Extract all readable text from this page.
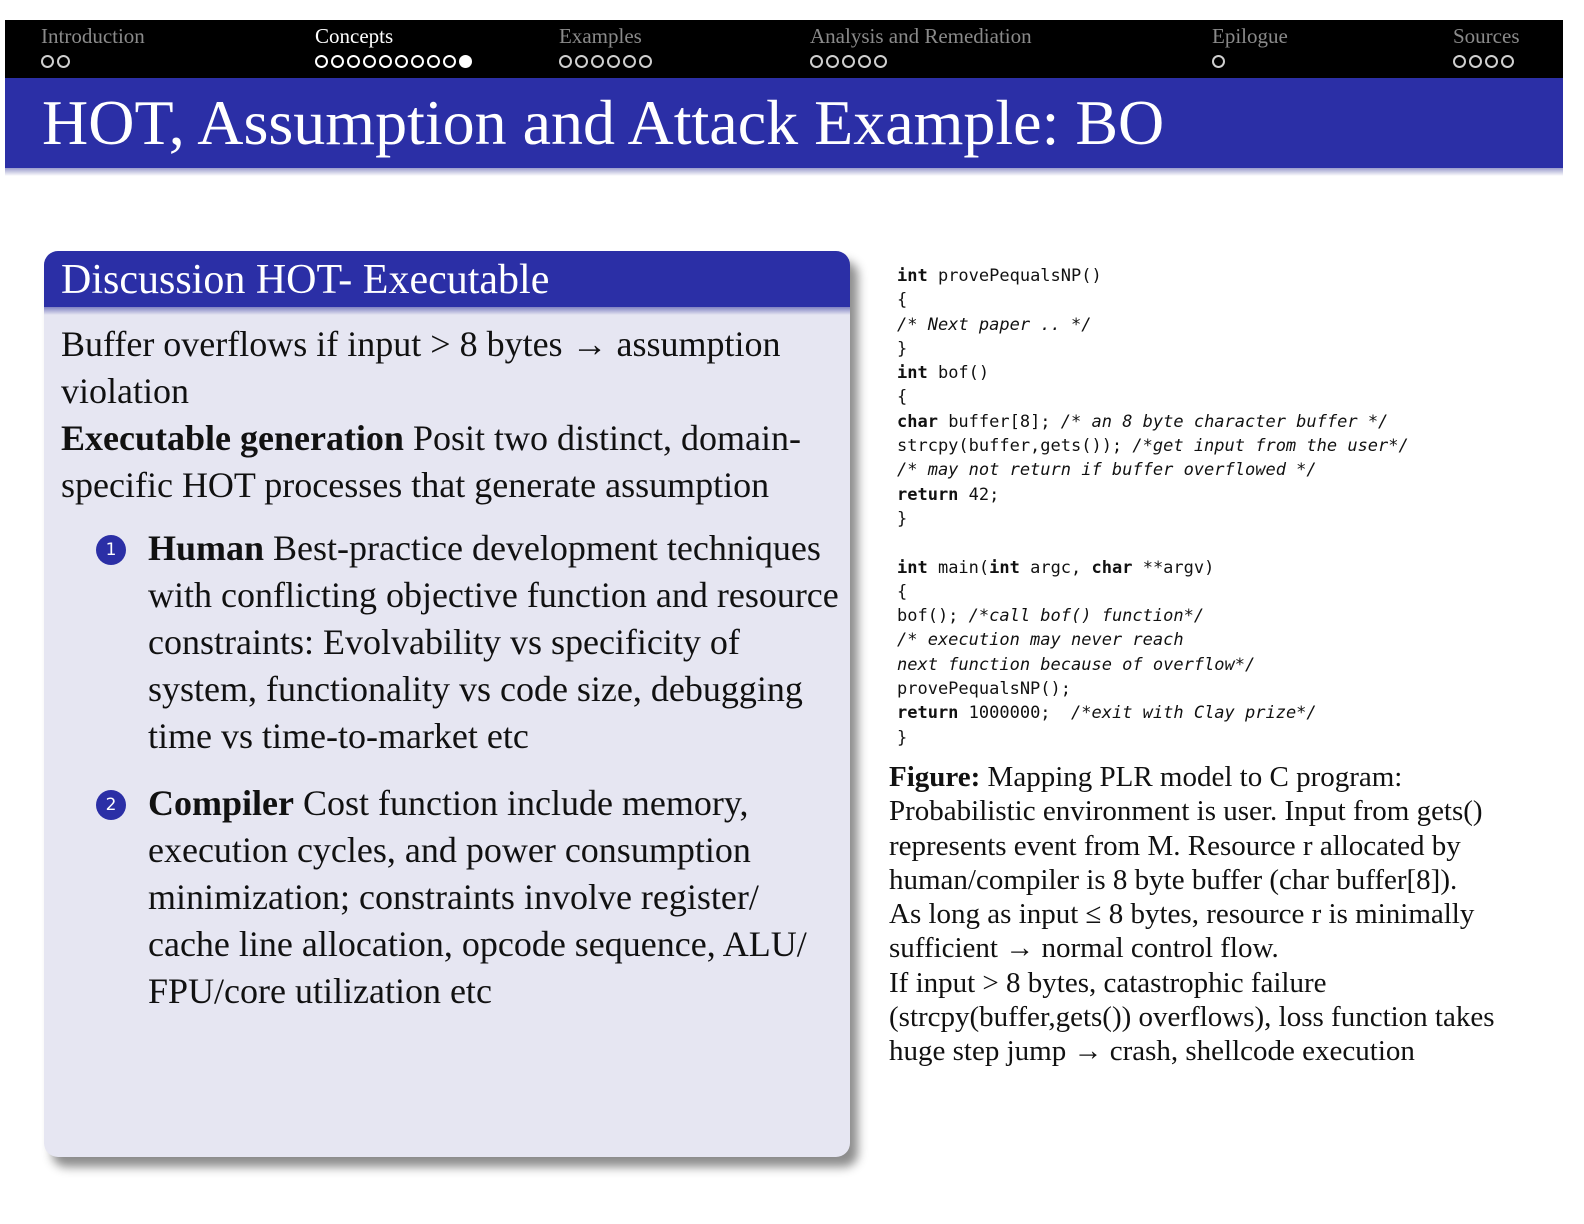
Introduction	Concepts	Examples	Analysis and Remediation	Epilogue	Sources
HOT, Assumption and Attack Example: BO
Discussion HOT- Executable

Buffer overflows if input > 8 bytes → assumption violation

Executable generation Posit two distinct, domain-specific HOT processes that generate assumption

1 Human Best-practice development techniques with conflicting objective function and resource constraints: Evolvability vs specificity of system, functionality vs code size, debugging time vs time-to-market etc
2 Compiler Cost function include memory, execution cycles, and power consumption minimization; constraints involve register/ cache line allocation, opcode sequence, ALU/ FPU/core utilization etc
int provePequalsNP()
{
/* Next paper .. */
}
int bof()
{
char buffer[8]; /* an 8 byte character buffer */
strcpy(buffer,gets()); /*get input from the user*/
/* may not return if buffer overflowed */
return 42;
}
int main(int argc, char **argv)
{
bof(); /*call bof() function*/
/* execution may never reach
next function because of overflow*/
provePequalsNP();
return 1000000;  /*exit with Clay prize*/
}

Figure: Mapping PLR model to C program: Probabilistic environment is user. Input from gets() represents event from M. Resource r allocated by human/compiler is 8 byte buffer (char buffer[8]).

As long as input ≤ 8 bytes, resource r is minimally sufficient → normal control flow.

If input > 8 bytes, catastrophic failure (strcpy(buffer,gets()) overflows), loss function takes huge step jump → crash, shellcode execution
